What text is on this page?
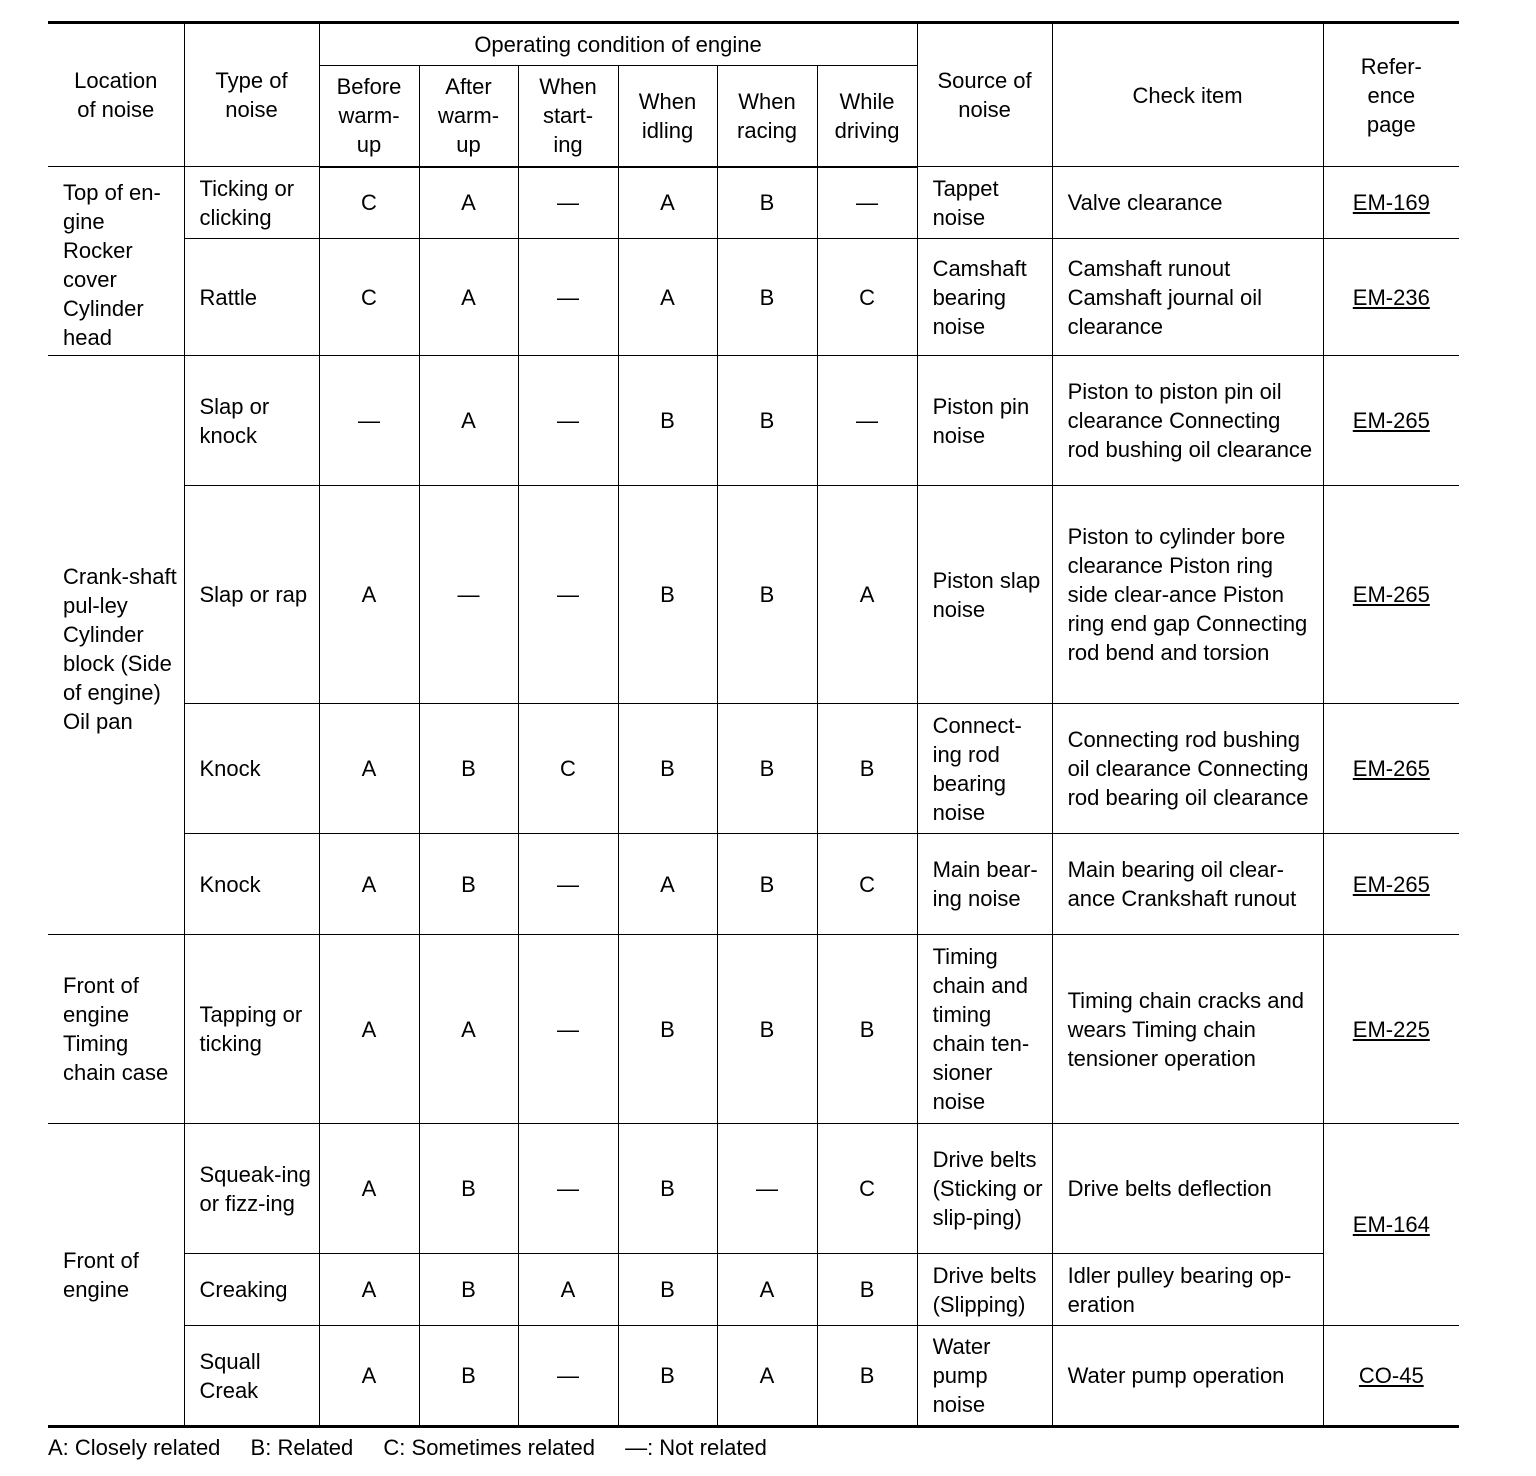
Location of noise	Type of noise	Operating condition of engine						Source of noise	Check item	Refer-ence page
		Before warm-up	After warm-up	When start-ing	When idling	When racing	While driving			
Top of en-gine Rocker cover Cylinder head	Ticking or clicking	C	A	—	A	B	—	Tappet noise	Valve clearance	EM-169
	Rattle	C	A	—	A	B	C	Camshaft bearing noise	Camshaft runout Camshaft journal oil clearance	EM-236
Crank-shaft pul-ley Cylinder block (Side of engine) Oil pan	Slap or knock	—	A	—	B	B	—	Piston pin noise	Piston to piston pin oil clearance Connecting rod bushing oil clearance	EM-265
	Slap or rap	A	—	—	B	B	A	Piston slap noise	Piston to cylinder bore clearance Piston ring side clear-ance Piston ring end gap Connecting rod bend and torsion	EM-265
	Knock	A	B	C	B	B	B	Connect-ing rod bearing noise	Connecting rod bushing oil clearance Connecting rod bearing oil clearance	EM-265
	Knock	A	B	—	A	B	C	Main bear-ing noise	Main bearing oil clear-ance Crankshaft runout	EM-265
Front of engine Timing chain case	Tapping or ticking	A	A	—	B	B	B	Timing chain and timing chain ten-sioner noise	Timing chain cracks and wears Timing chain tensioner operation	EM-225
Front of engine	Squeak-ing or fizz-ing	A	B	—	B	—	C	Drive belts (Sticking or slip-ping)	Drive belts deflection	EM-164
	Creaking	A	B	A	B	A	B	Drive belts (Slipping)	Idler pulley bearing op-eration	
	Squall Creak	A	B	—	B	A	B	Water pump noise	Water pump operation	CO-45
A: Closely related B: Related C: Sometimes related —: Not related
